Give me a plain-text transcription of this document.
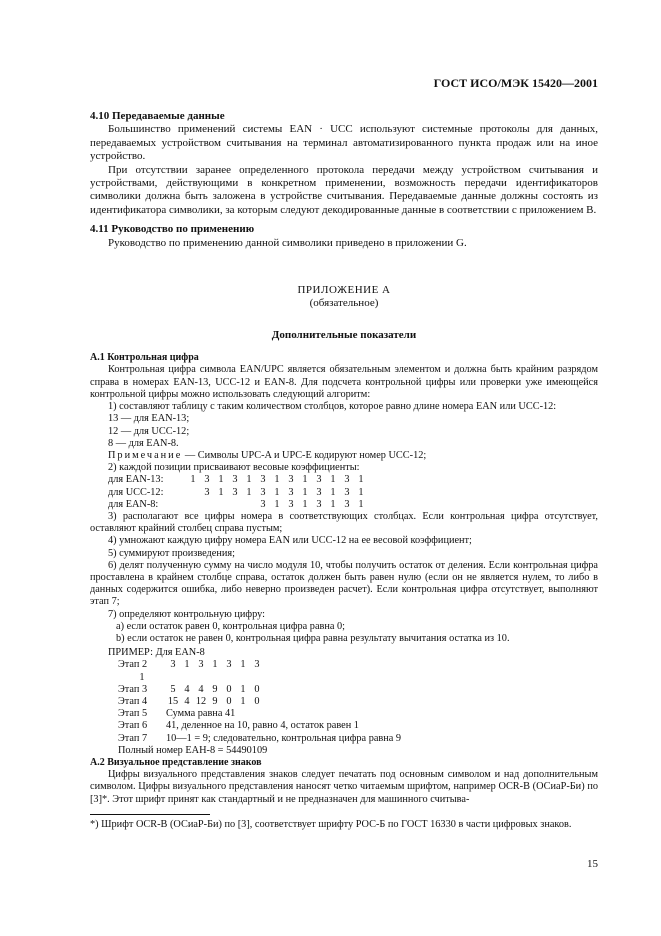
ГОСТ ИСО/МЭК 15420—2001

4.10 Передаваемые данные

Большинство применений системы EAN · UCC используют системные протоколы для данных, передаваемых устройством считывания на терминал автоматизированного пункта продаж или на иное устройство.

При отсутствии заранее определенного протокола передачи между устройством считывания и устройствами, действующими в конкретном применении, возможность передачи идентификаторов символики должна быть заложена в устройстве считывания. Передаваемые данные должны состоять из идентификатора символики, за которым следуют декодированные данные в соответствии с приложением В.

4.11 Руководство по применению

Руководство по применению данной символики приведено в приложении G.

ПРИЛОЖЕНИЕ А
(обязательное)
Дополнительные показатели

А.1 Контрольная цифра

Контрольная цифра символа EAN/UPC является обязательным элементом и должна быть крайним разрядом справа в номерах EAN-13, UCC-12 и EAN-8. Для подсчета контрольной цифры или проверки уже имеющейся контрольной цифры можно использовать следующий алгоритм:

1) составляют таблицу с таким количеством столбцов, которое равно длине номера EAN или UCC-12:
13 — для EAN-13;
12 — для UCC-12;
8 — для EAN-8.
Примечание — Символы UPC-A и UPC-E кодируют номер UCC-12;
2) каждой позиции присваивают весовые коэффициенты:
для EAN-13:	1 3 1 3 1 3 1 3 1 3 1 3 1
для UCC-12:	3 1 3 1 3 1 3 1 3 1 3 1
для EAN-8:	3 1 3 1 3 1 3 1

3) располагают все цифры номера в соответствующих столбцах. Если контрольная цифра отсутствует, оставляют крайний столбец справа пустым;

4) умножают каждую цифру номера EAN или UCC-12 на ее весовой коэффициент;
5) суммируют произведения;

6) делят полученную сумму на число модуля 10, чтобы получить остаток от деления. Если контрольная цифра проставлена в крайнем столбце справа, остаток должен быть равен нулю (если он не является нулем, то либо в данных содержится ошибка, либо неверно произведен расчет). Если контрольная цифра отсутствует, выполняют этап 7;

7) определяют контрольную цифру:
а) если остаток равен 0, контрольная цифра равна 0;
b) если остаток не равен 0, контрольная цифра равна результату вычитания остатка из 10.
ПРИМЕР: Для EAN-8
Этап 2	3 1 3 1 3 1 3
1
Этап 3	5 4 4 9 0 1 0
Этап 4	15 4 12 9 0 1 0
Этап 5	Сумма равна 41
Этап 6	41, деленное на 10, равно 4, остаток равен 1
Этап 7	10—1 = 9; следовательно, контрольная цифра равна 9
Полный номер ЕАН-8 = 54490109

А.2 Визуальное представление знаков

Цифры визуального представления знаков следует печатать под основным символом и над дополнительным символом. Цифры визуального представления наносят четко читаемым шрифтом, например OCR-B (ОСиаР-Би) по [3]*. Этот шрифт принят как стандартный и не предназначен для машинного считыва-

*) Шрифт OCR-B (ОСиаР-Би) по [3], соответствует шрифту РОС-Б по ГОСТ 16330 в части цифровых знаков.
15
